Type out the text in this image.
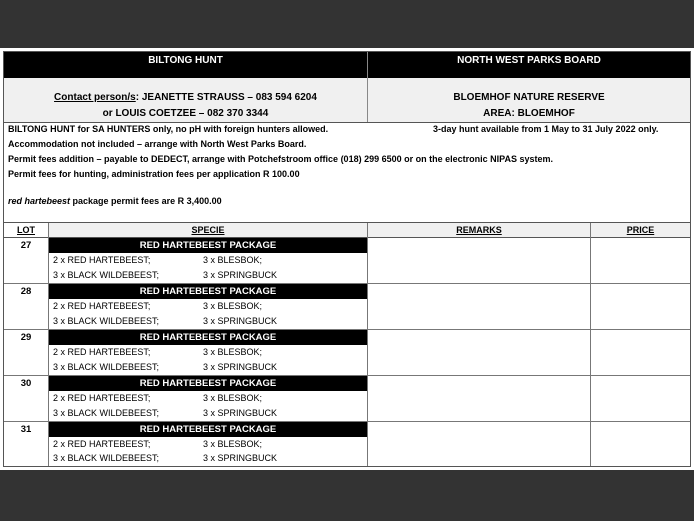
BILTONG HUNT	NORTH WEST PARKS BOARD
Contact person/s: JEANETTE STRAUSS – 083 594 6204
or LOUIS COETZEE – 082 370 3344
BLOEMHOF NATURE RESERVE
AREA: BLOEMHOF
BILTONG HUNT for SA HUNTERS only, no pH with foreign hunters allowed.	3-day hunt available from 1 May to 31 July 2022 only.
Accommodation not included – arrange with North West Parks Board.
Permit fees addition – payable to DEDECT, arrange with Potchefstroom office (018) 299 6500 or on the electronic NIPAS system.
Permit fees for hunting, administration fees per application R 100.00
red hartebeest package permit fees are R 3,400.00
LOT	SPECIE	REMARKS	PRICE
27	RED HARTEBEEST PACKAGE
2 x RED HARTEBEEST;	3 x BLESBOK;
3 x BLACK WILDEBEEST;	3 x SPRINGBUCK
28	RED HARTEBEEST PACKAGE
2 x RED HARTEBEEST;	3 x BLESBOK;
3 x BLACK WILDEBEEST;	3 x SPRINGBUCK
29	RED HARTEBEEST PACKAGE
2 x RED HARTEBEEST;	3 x BLESBOK;
3 x BLACK WILDEBEEST;	3 x SPRINGBUCK
30	RED HARTEBEEST PACKAGE
2 x RED HARTEBEEST;	3 x BLESBOK;
3 x BLACK WILDEBEEST;	3 x SPRINGBUCK
31	RED HARTEBEEST PACKAGE
2 x RED HARTEBEEST;	3 x BLESBOK;
3 x BLACK WILDEBEEST;	3 x SPRINGBUCK
